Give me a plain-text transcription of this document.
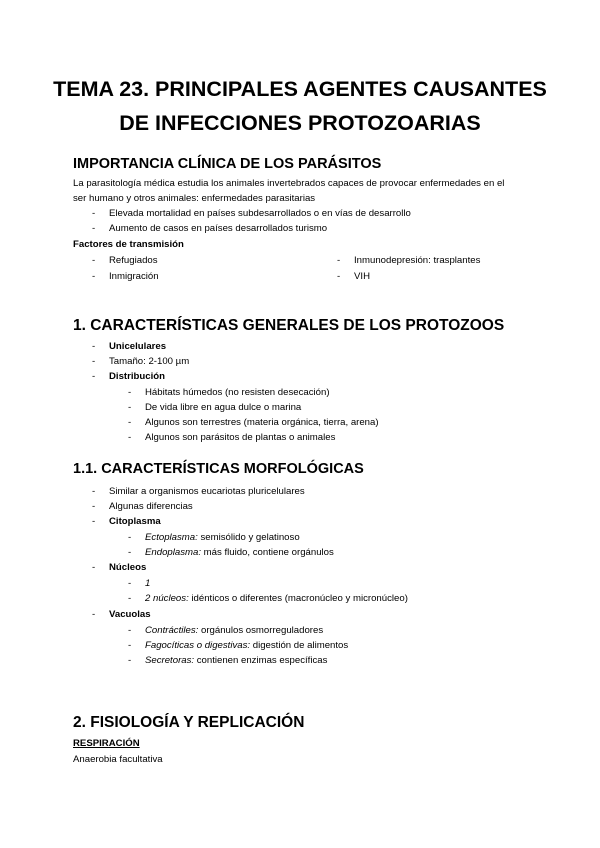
TEMA 23. PRINCIPALES AGENTES CAUSANTES
DE INFECCIONES PROTOZOARIAS
IMPORTANCIA CLÍNICA DE LOS PARÁSITOS
La parasitología médica estudia los animales invertebrados capaces de provocar enfermedades en el
ser humano y otros animales: enfermedades parasitarias
- Elevada mortalidad en países subdesarrollados o en vías de desarrollo
- Aumento de casos en países desarrollados turismo
Factores de transmisión
- Refugiados
- Inmigración
- Inmunodepresión: trasplantes
- VIH
1. CARACTERÍSTICAS GENERALES DE LOS PROTOZOOS
- Unicelulares
- Tamaño: 2-100 µm
- Distribución
- Hábitats húmedos (no resisten desecación)
- De vida libre en agua dulce o marina
- Algunos son terrestres (materia orgánica, tierra, arena)
- Algunos son parásitos de plantas o animales
1.1. CARACTERÍSTICAS MORFOLÓGICAS
- Similar a organismos eucariotas pluricelulares
- Algunas diferencias
- Citoplasma
- Ectoplasma: semisólido y gelatinoso
- Endoplasma: más fluido, contiene orgánulos
- Núcleos
- 1
- 2 núcleos: idénticos o diferentes (macronúcleo y micronúcleo)
- Vacuolas
- Contráctiles: orgánulos osmorreguladores
- Fagocíticas o digestivas: digestión de alimentos
- Secretoras: contienen enzimas específicas
2. FISIOLOGÍA Y REPLICACIÓN
RESPIRACIÓN
Anaerobia facultativa
